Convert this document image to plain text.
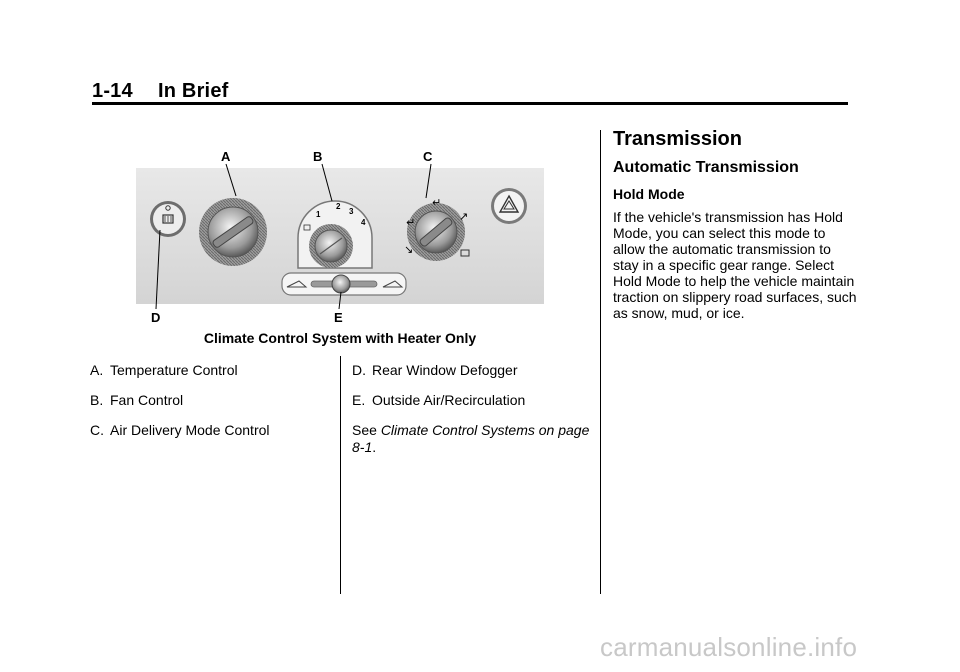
1-14 In Brief
1
2
3
4
↵
↵
↘
↗
A	B	C
D	E
Climate Control System with Heater Only
A. Temperature Control
B. Fan Control
C. Air Delivery Mode Control
D. Rear Window Defogger
E. Outside Air/Recirculation
See Climate Control Systems on page 8-1.
Transmission
Automatic Transmission
Hold Mode
If the vehicle's transmission has Hold Mode, you can select this mode to allow the automatic transmission to stay in a specific gear range. Select Hold Mode to help the vehicle maintain traction on slippery road surfaces, such as snow, mud, or ice.
carmanualsonline.info
